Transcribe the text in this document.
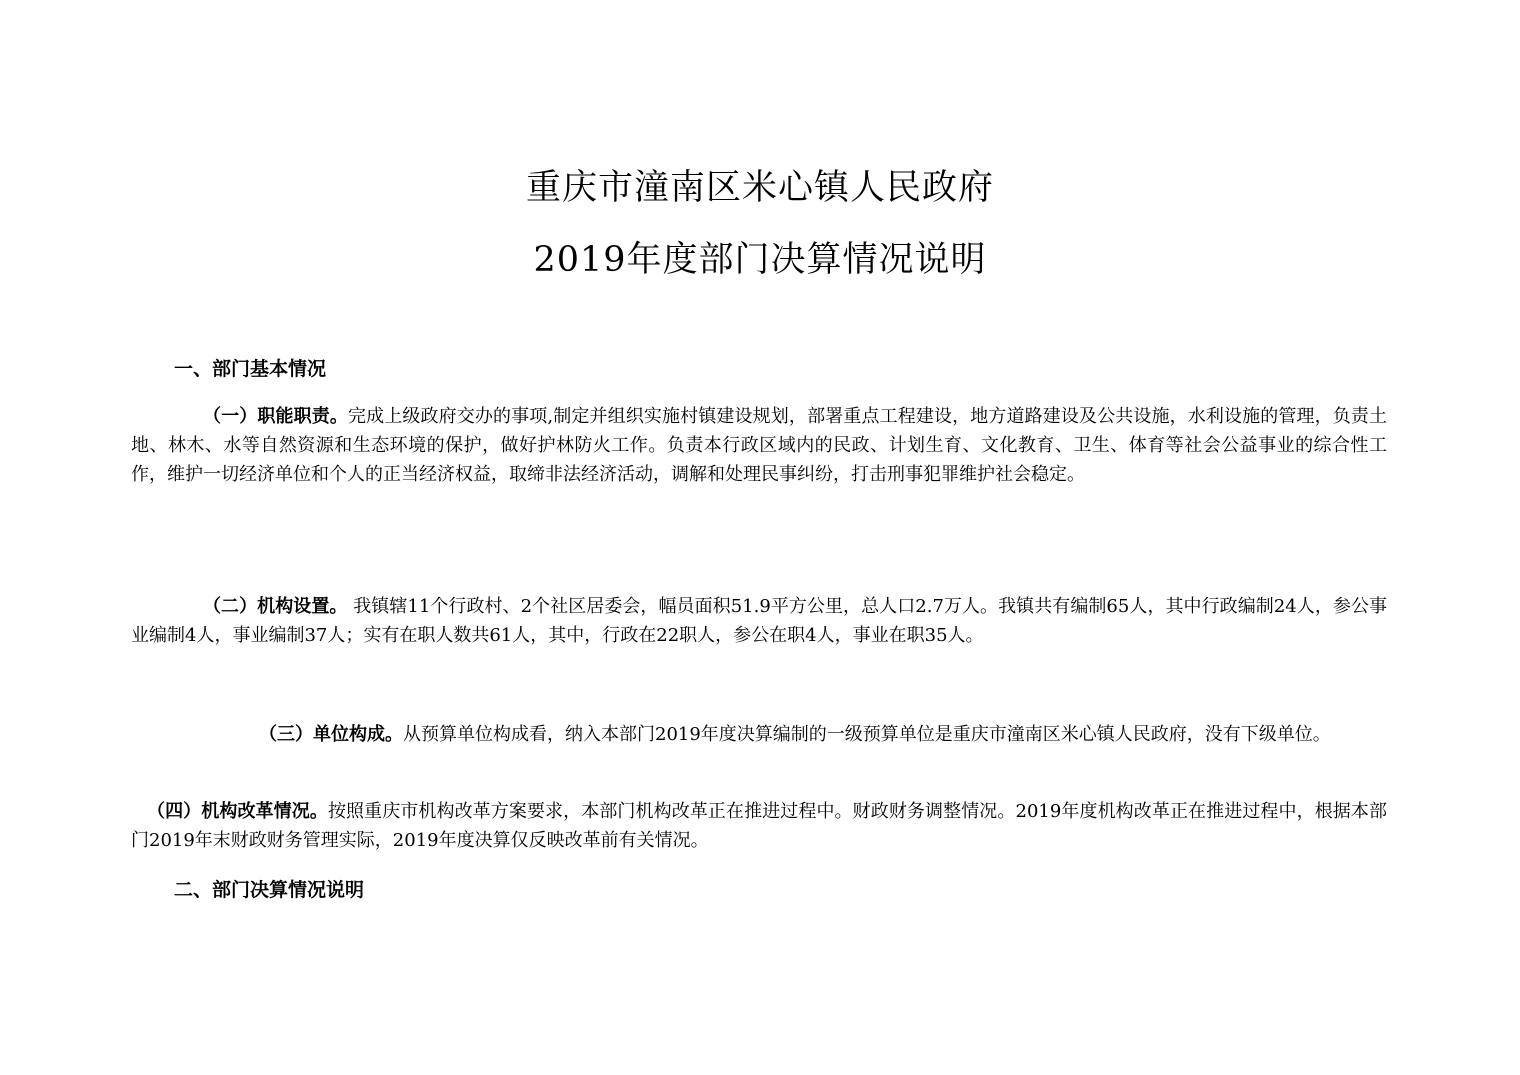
重庆市潼南区米心镇人民政府
2019年度部门决算情况说明
一、部门基本情况
（一）职能职责。完成上级政府交办的事项,制定并组织实施村镇建设规划，部署重点工程建设，地方道路建设及公共设施，水利设施的管理，负责土地、林木、水等自然资源和生态环境的保护，做好护林防火工作。负责本行政区域内的民政、计划生育、文化教育、卫生、体育等社会公益事业的综合性工作，维护一切经济单位和个人的正当经济权益，取缔非法经济活动，调解和处理民事纠纷，打击刑事犯罪维护社会稳定。
（二）机构设置。 我镇辖11个行政村、2个社区居委会，幅员面积51.9平方公里，总人口2.7万人。我镇共有编制65人，其中行政编制24人，参公事业编制4人，事业编制37人；实有在职人数共61人，其中，行政在22职人，参公在职4人，事业在职35人。
（三）单位构成。从预算单位构成看，纳入本部门2019年度决算编制的一级预算单位是重庆市潼南区米心镇人民政府，没有下级单位。
（四）机构改革情况。按照重庆市机构改革方案要求，本部门机构改革正在推进过程中。财政财务调整情况。2019年度机构改革正在推进过程中，根据本部门2019年末财政财务管理实际，2019年度决算仅反映改革前有关情况。
二、部门决算情况说明
